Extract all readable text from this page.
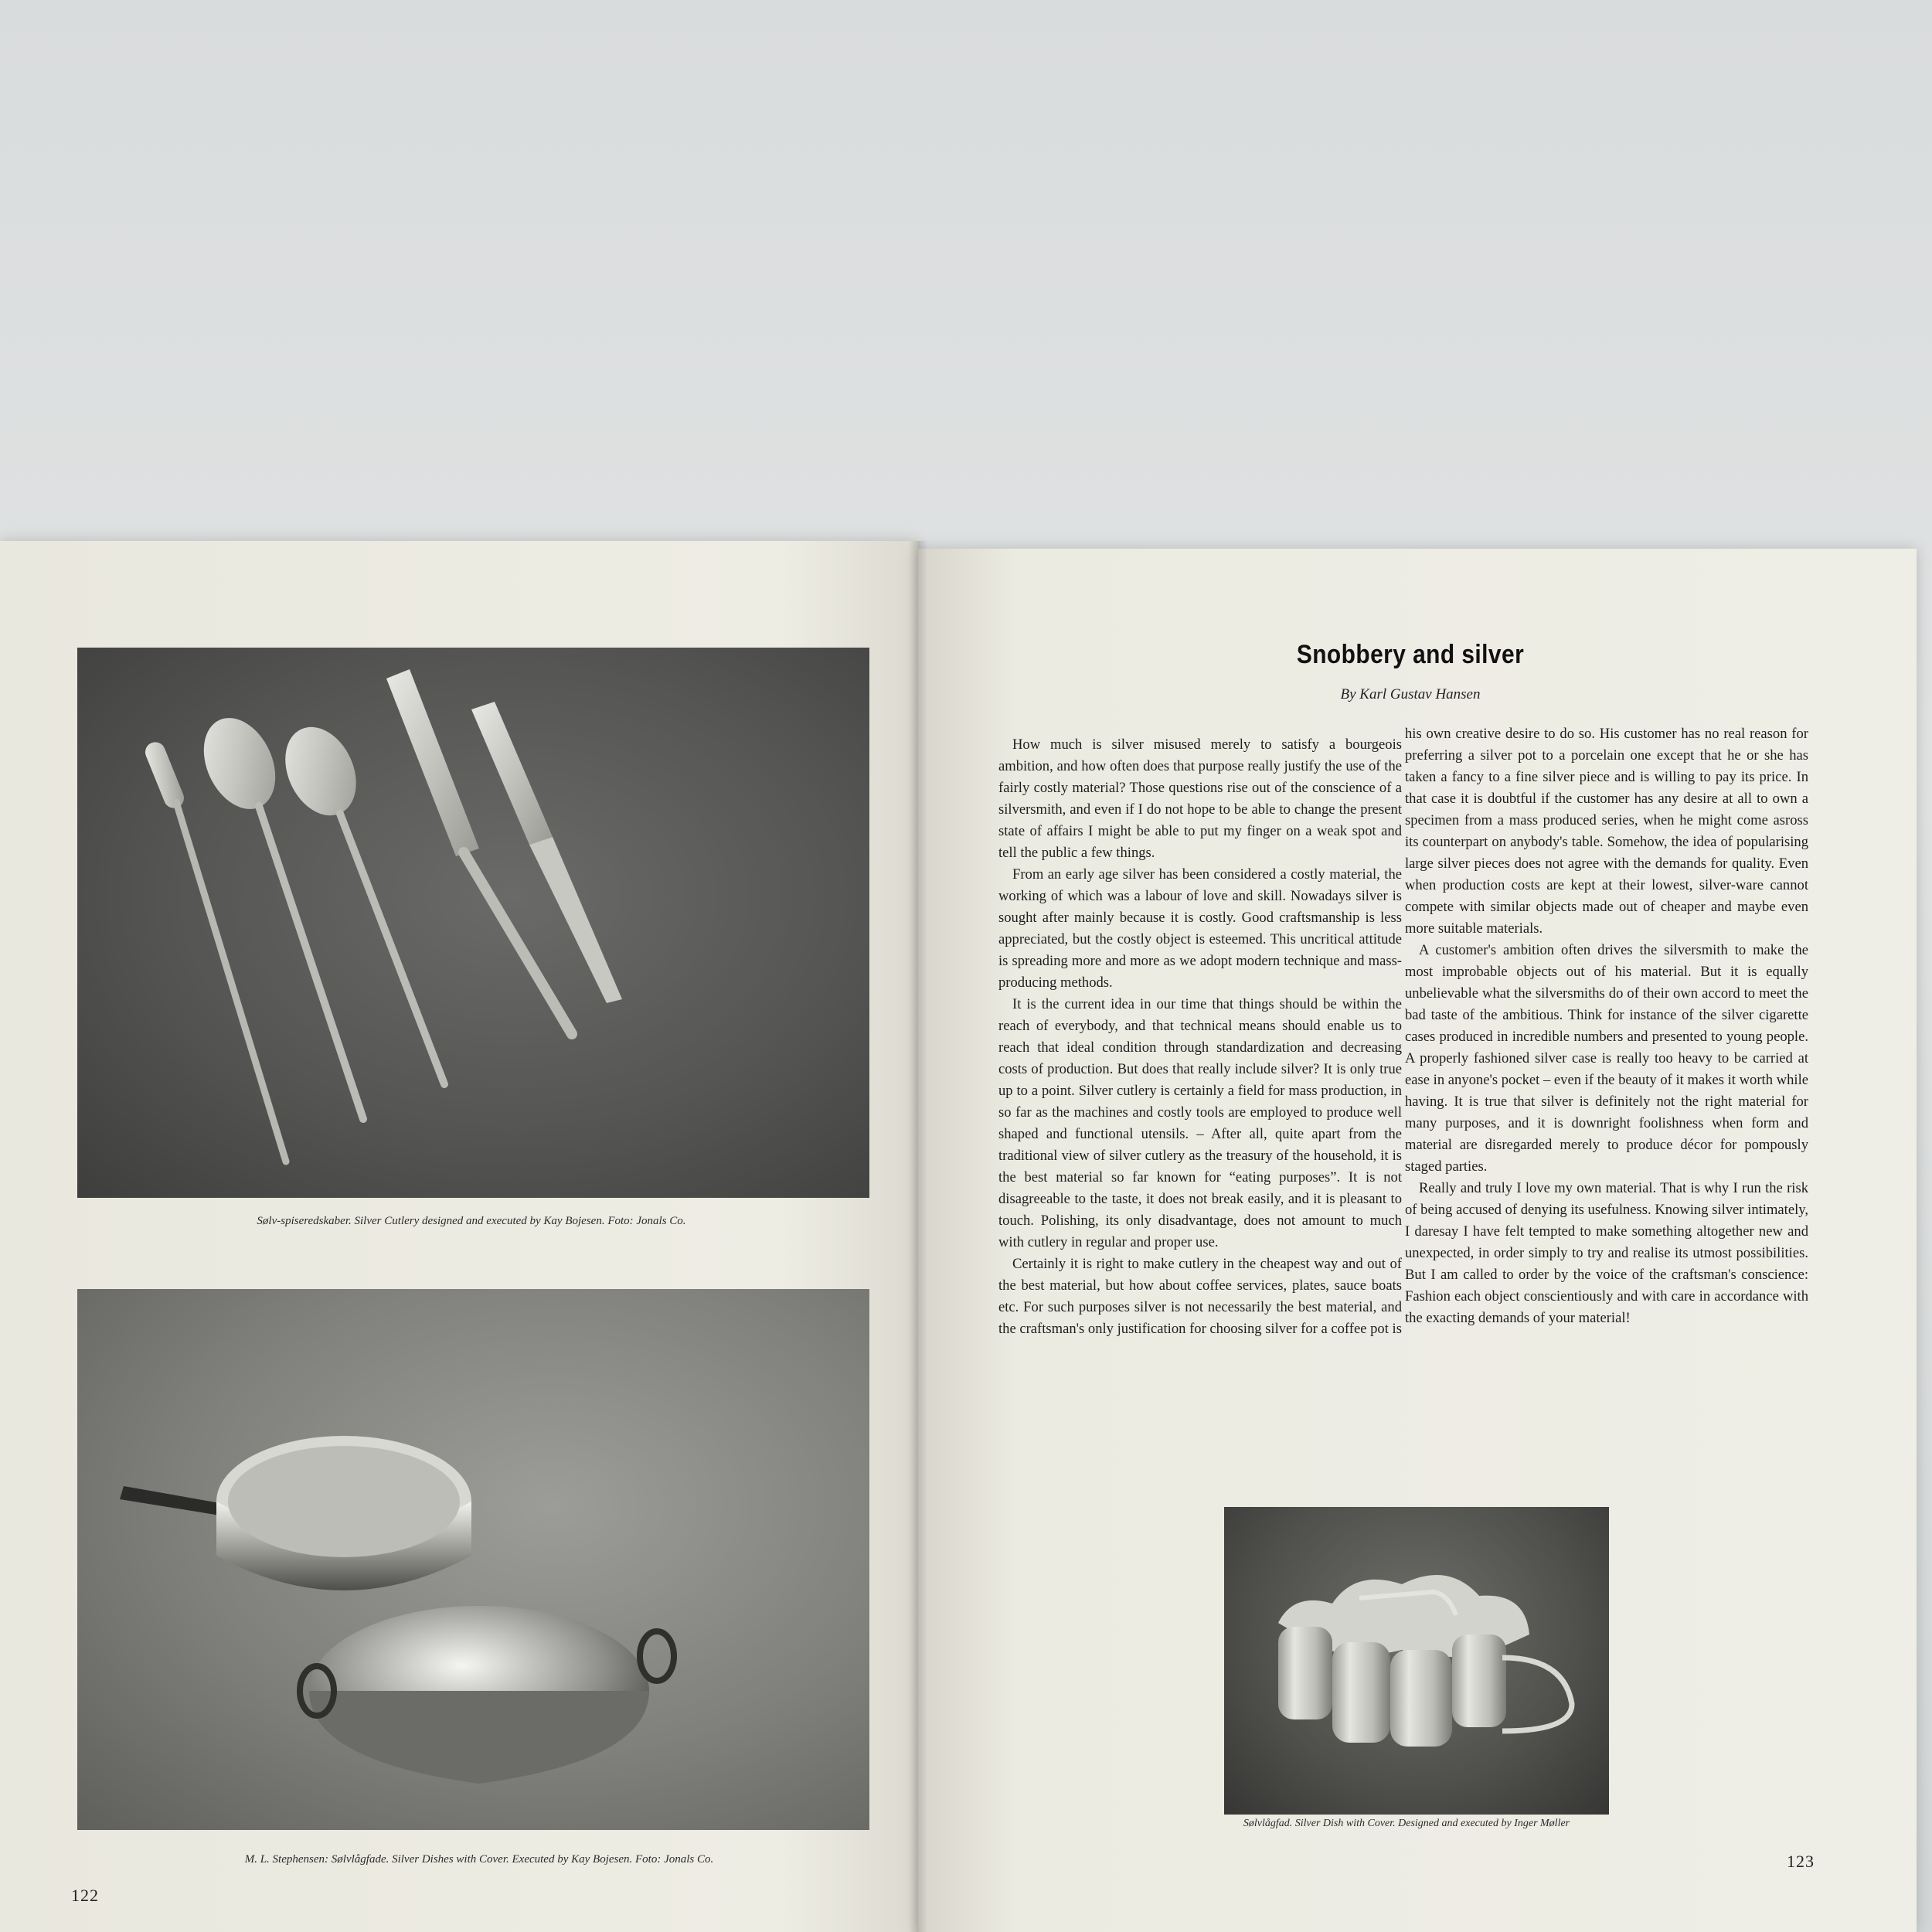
Sølv-spiseredskaber. Silver Cutlery designed and executed by Kay Bojesen. Foto: Jonals Co.
M. L. Stephensen: Sølvlågfade. Silver Dishes with Cover. Executed by Kay Bojesen. Foto: Jonals Co.
122
Snobbery and silver
By Karl Gustav Hansen

How much is silver misused merely to satisfy a bourgeois ambition, and how often does that purpose really justify the use of the fairly costly material? Those questions rise out of the conscience of a silversmith, and even if I do not hope to be able to change the present state of affairs I might be able to put my finger on a weak spot and tell the public a few things.

From an early age silver has been considered a costly material, the working of which was a labour of love and skill. Nowadays silver is sought after mainly because it is costly. Good craftsmanship is less appreciated, but the costly object is esteemed. This uncritical attitude is spreading more and more as we adopt modern technique and mass-producing methods.

It is the current idea in our time that things should be within the reach of everybody, and that technical means should enable us to reach that ideal condition through standardization and decreasing costs of production. But does that really include silver? It is only true up to a point. Silver cutlery is certainly a field for mass production, in so far as the machines and costly tools are employed to produce well shaped and functional utensils. – After all, quite apart from the traditional view of silver cutlery as the treasury of the household, it is the best material so far known for “eating purposes”. It is not disagreeable to the taste, it does not break easily, and it is pleasant to touch. Polishing, its only disadvantage, does not amount to much with cutlery in regular and proper use.

Certainly it is right to make cutlery in the cheapest way and out of the best material, but how about coffee services, plates, sauce boats etc. For such purposes silver is not necessarily the best material, and the craftsman's only justification for choosing silver for a coffee pot is

his own creative desire to do so. His customer has no real reason for preferring a silver pot to a porcelain one except that he or she has taken a fancy to a fine silver piece and is willing to pay its price. In that case it is doubtful if the customer has any desire at all to own a specimen from a mass produced series, when he might come asross its counterpart on anybody's table. Somehow, the idea of popularising large silver pieces does not agree with the demands for quality. Even when production costs are kept at their lowest, silver-ware cannot compete with similar objects made out of cheaper and maybe even more suitable materials.

A customer's ambition often drives the silversmith to make the most improbable objects out of his material. But it is equally unbelievable what the silversmiths do of their own accord to meet the bad taste of the ambitious. Think for instance of the silver cigarette cases produced in incredible numbers and presented to young people. A properly fashioned silver case is really too heavy to be carried at ease in anyone's pocket – even if the beauty of it makes it worth while having. It is true that silver is definitely not the right material for many purposes, and it is downright foolishness when form and material are disregarded merely to produce décor for pompously staged parties.

Really and truly I love my own material. That is why I run the risk of being accused of denying its usefulness. Knowing silver intimately, I daresay I have felt tempted to make something altogether new and unexpected, in order simply to try and realise its utmost possibilities. But I am called to order by the voice of the craftsman's conscience: Fashion each object conscientiously and with care in accordance with the exacting demands of your material!

Sølvlågfad. Silver Dish with Cover. Designed and executed by Inger Møller
123
